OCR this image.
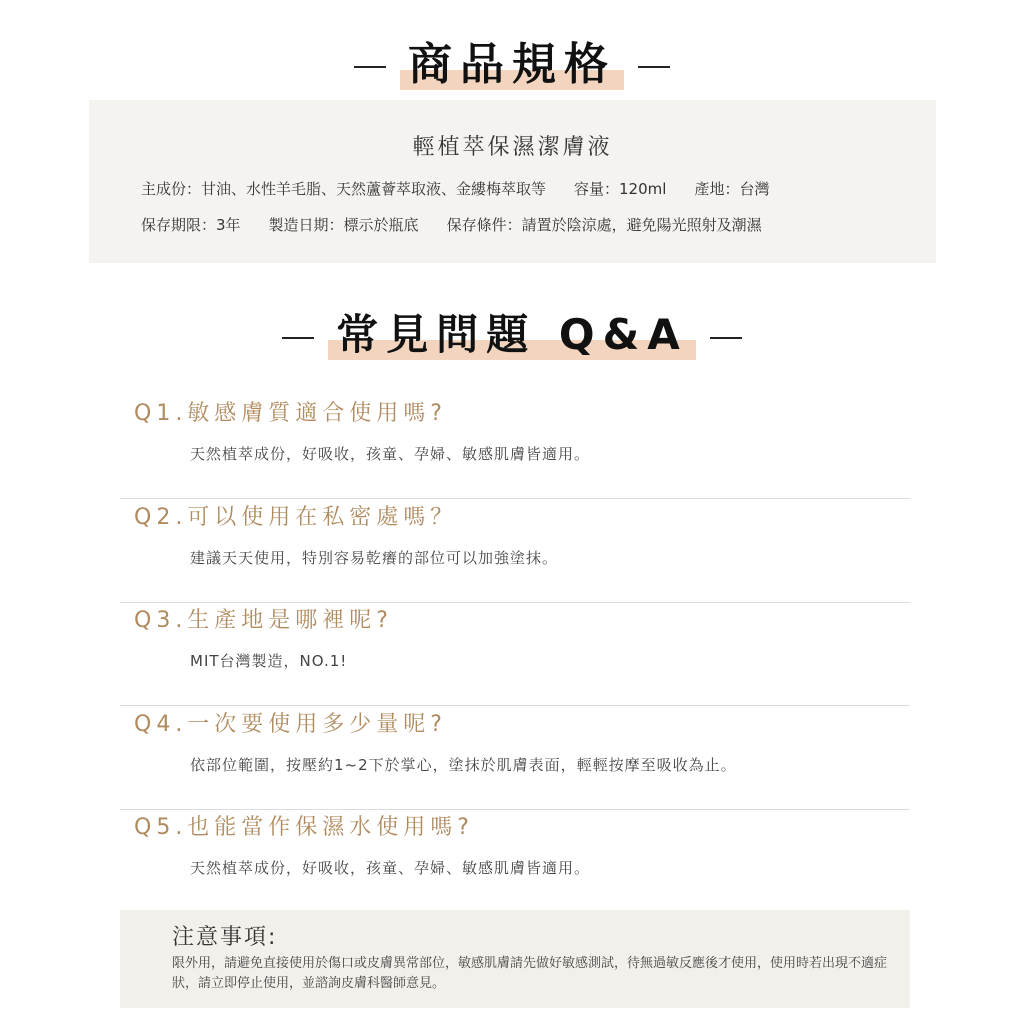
商品規格
輕植萃保濕潔膚液
主成份：甘油、水性羊毛脂、天然蘆薈萃取液、金縷梅萃取等 容量：120ml 產地：台灣
保存期限：3年 製造日期：標示於瓶底 保存條件：請置於陰涼處，避免陽光照射及潮濕
常見問題 Q&A
Q1.敏感膚質適合使用嗎?
天然植萃成份，好吸收，孩童、孕婦、敏感肌膚皆適用。
Q2.可以使用在私密處嗎？
建議天天使用，特別容易乾癢的部位可以加強塗抹。
Q3.生產地是哪裡呢?
MIT台灣製造，NO.1!
Q4.一次要使用多少量呢?
依部位範圍，按壓約1~2下於掌心，塗抹於肌膚表面，輕輕按摩至吸收為止。
Q5.也能當作保濕水使用嗎?
天然植萃成份，好吸收，孩童、孕婦、敏感肌膚皆適用。
注意事項:
限外用，請避免直接使用於傷口或皮膚異常部位，敏感肌膚請先做好敏感測試，待無過敏反應後才使用，使用時若出現不適症狀，請立即停止使用，並諮詢皮膚科醫師意見。
